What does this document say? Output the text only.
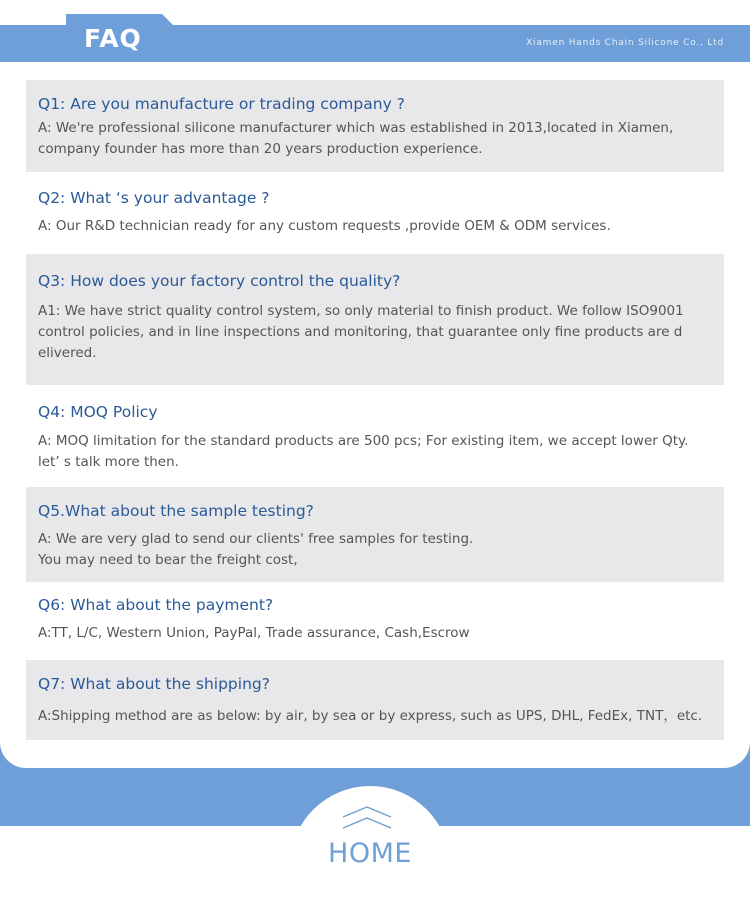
FAQ	Xiamen Hands Chain Silicone Co., Ltd
Q1: Are you manufacture or trading company ?
A: We're professional silicone manufacturer which was established in 2013,located in Xiamen,
company founder has more than 20 years production experience.
Q2: What ‘s your advantage ?
A: Our R&D technician ready for any custom requests ,provide OEM & ODM services.
Q3: How does your factory control the quality?
A1: We have strict quality control system, so only material to finish product. We follow ISO9001
control policies, and in line inspections and monitoring, that guarantee only fine products are d
elivered.
Q4: MOQ Policy
A: MOQ limitation for the standard products are 500 pcs; For existing item, we accept lower Qty.
let’ s talk more then.
Q5.What about the sample testing?
A: We are very glad to send our clients' free samples for testing.
You may need to bear the freight cost,
Q6: What about the payment?
A:TT, L/C, Western Union, PayPal, Trade assurance, Cash,Escrow
Q7: What about the shipping?
A:Shipping method are as below: by air, by sea or by express, such as UPS, DHL, FedEx, TNT，etc.
HOME
